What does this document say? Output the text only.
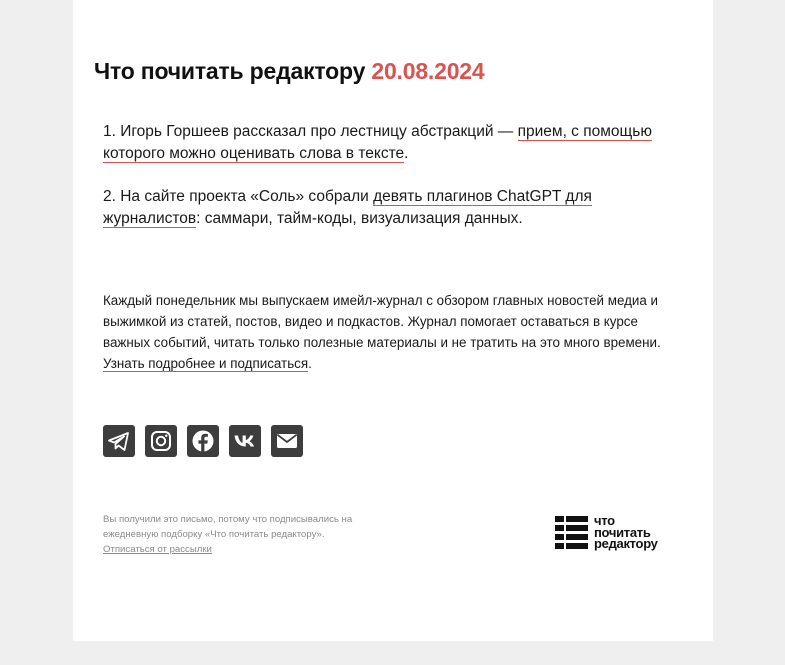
Что почитать редактору 20.08.2024

1. Игорь Горшеев рассказал про лестницу абстракций — прием, с помощью которого можно оценивать слова в тексте.

2. На сайте проекта «Соль» собрали девять плагинов ChatGPT для журналистов: саммари, тайм-коды, визуализация данных.

Каждый понедельник мы выпускаем имейл-журнал с обзором главных новостей медиа и выжимкой из статей, постов, видео и подкастов. Журнал помогает оставаться в курсе важных событий, читать только полезные материалы и не тратить на это много времени. Узнать подробнее и подписаться.

Вы получили это письмо, потому что подписывались на ежедневную подборку «Что почитать редактору».
Отписаться от рассылки
что
почитать
редактору
